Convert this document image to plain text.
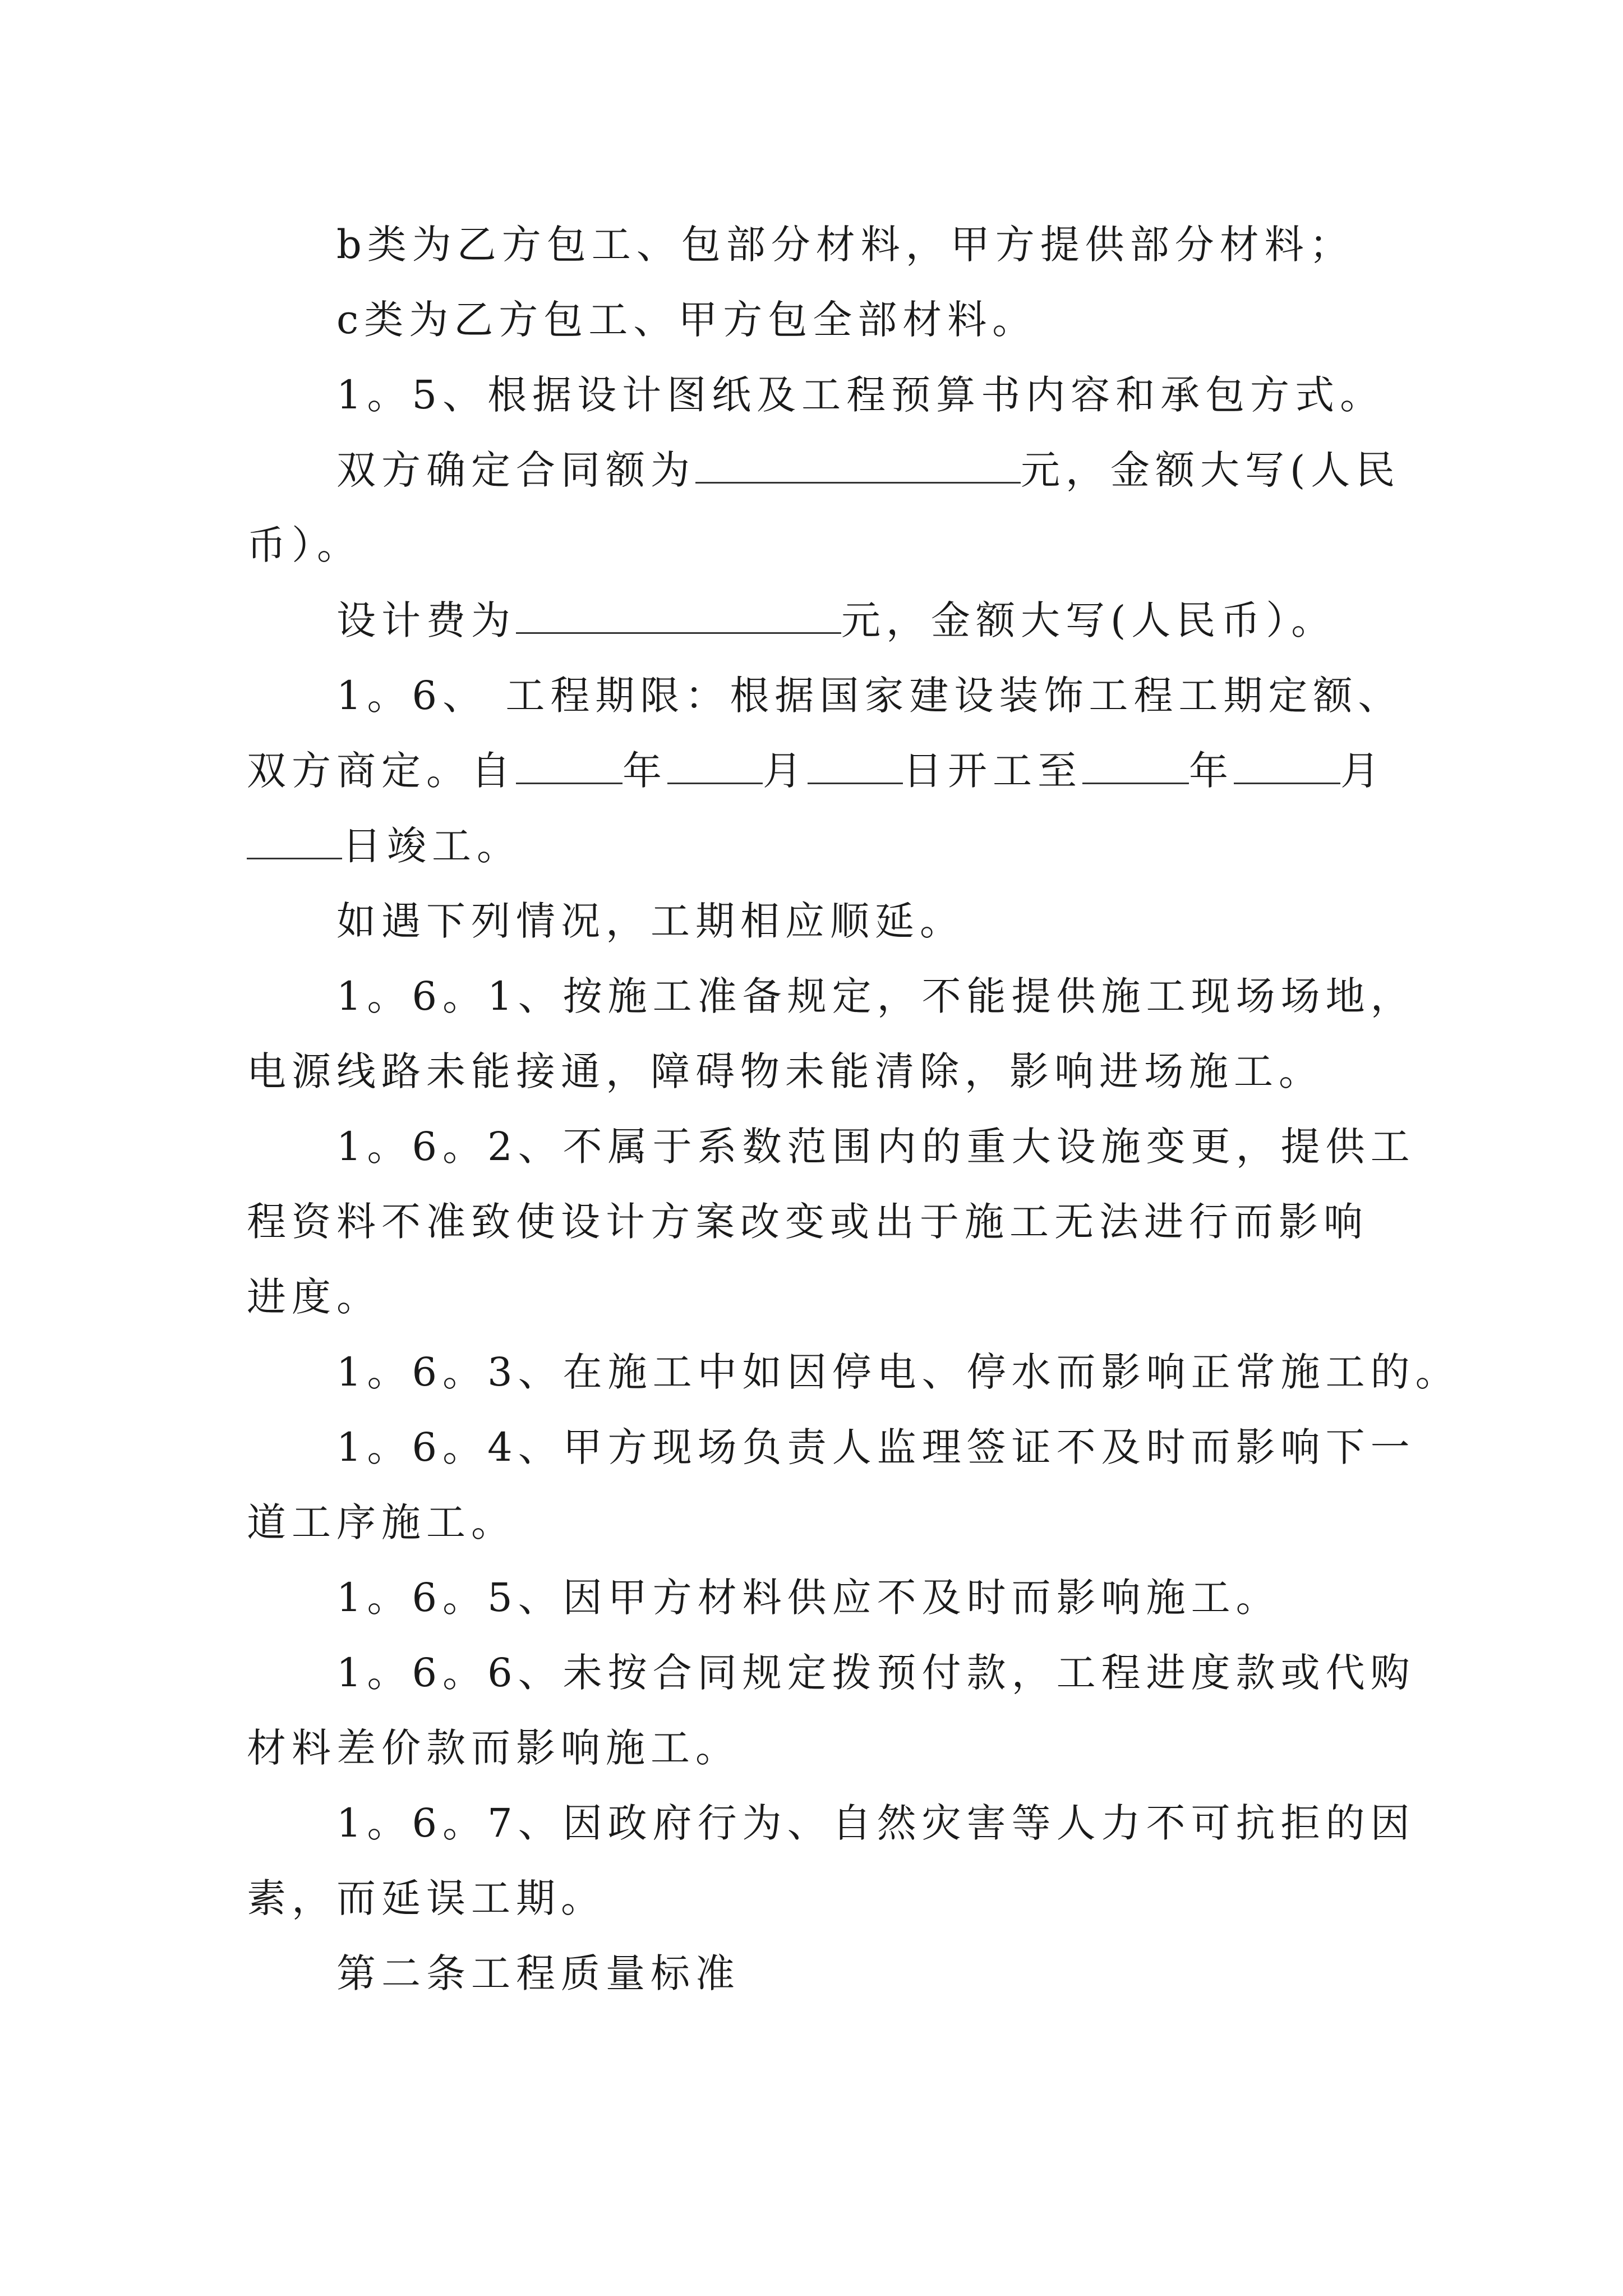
b类为乙方包工、包部分材料，甲方提供部分材料；
c类为乙方包工、甲方包全部材料。
1。5、根据设计图纸及工程预算书内容和承包方式。
双方确定合同额为	元，金额大写(人民
币）。
设计费为	元，金额大写(人民币）。
1。6、 工程期限：根据国家建设装饰工程工期定额、
双方商定。自	年 月 日开工至	年	月
日竣工。
如遇下列情况，工期相应顺延。
1。6。1、按施工准备规定，不能提供施工现场场地，
电源线路未能接通，障碍物未能清除，影响进场施工。
1。6。2、不属于系数范围内的重大设施变更，提供工
程资料不准致使设计方案改变或出于施工无法进行而影响
进度。
1。6。3、在施工中如因停电、停水而影响正常施工的。
1。6。4、甲方现场负责人监理签证不及时而影响下一
道工序施工。
1。6。5、因甲方材料供应不及时而影响施工。
1。6。6、未按合同规定拨预付款，工程进度款或代购
材料差价款而影响施工。
1。6。7、因政府行为、自然灾害等人力不可抗拒的因
素，而延误工期。
第二条工程质量标准
